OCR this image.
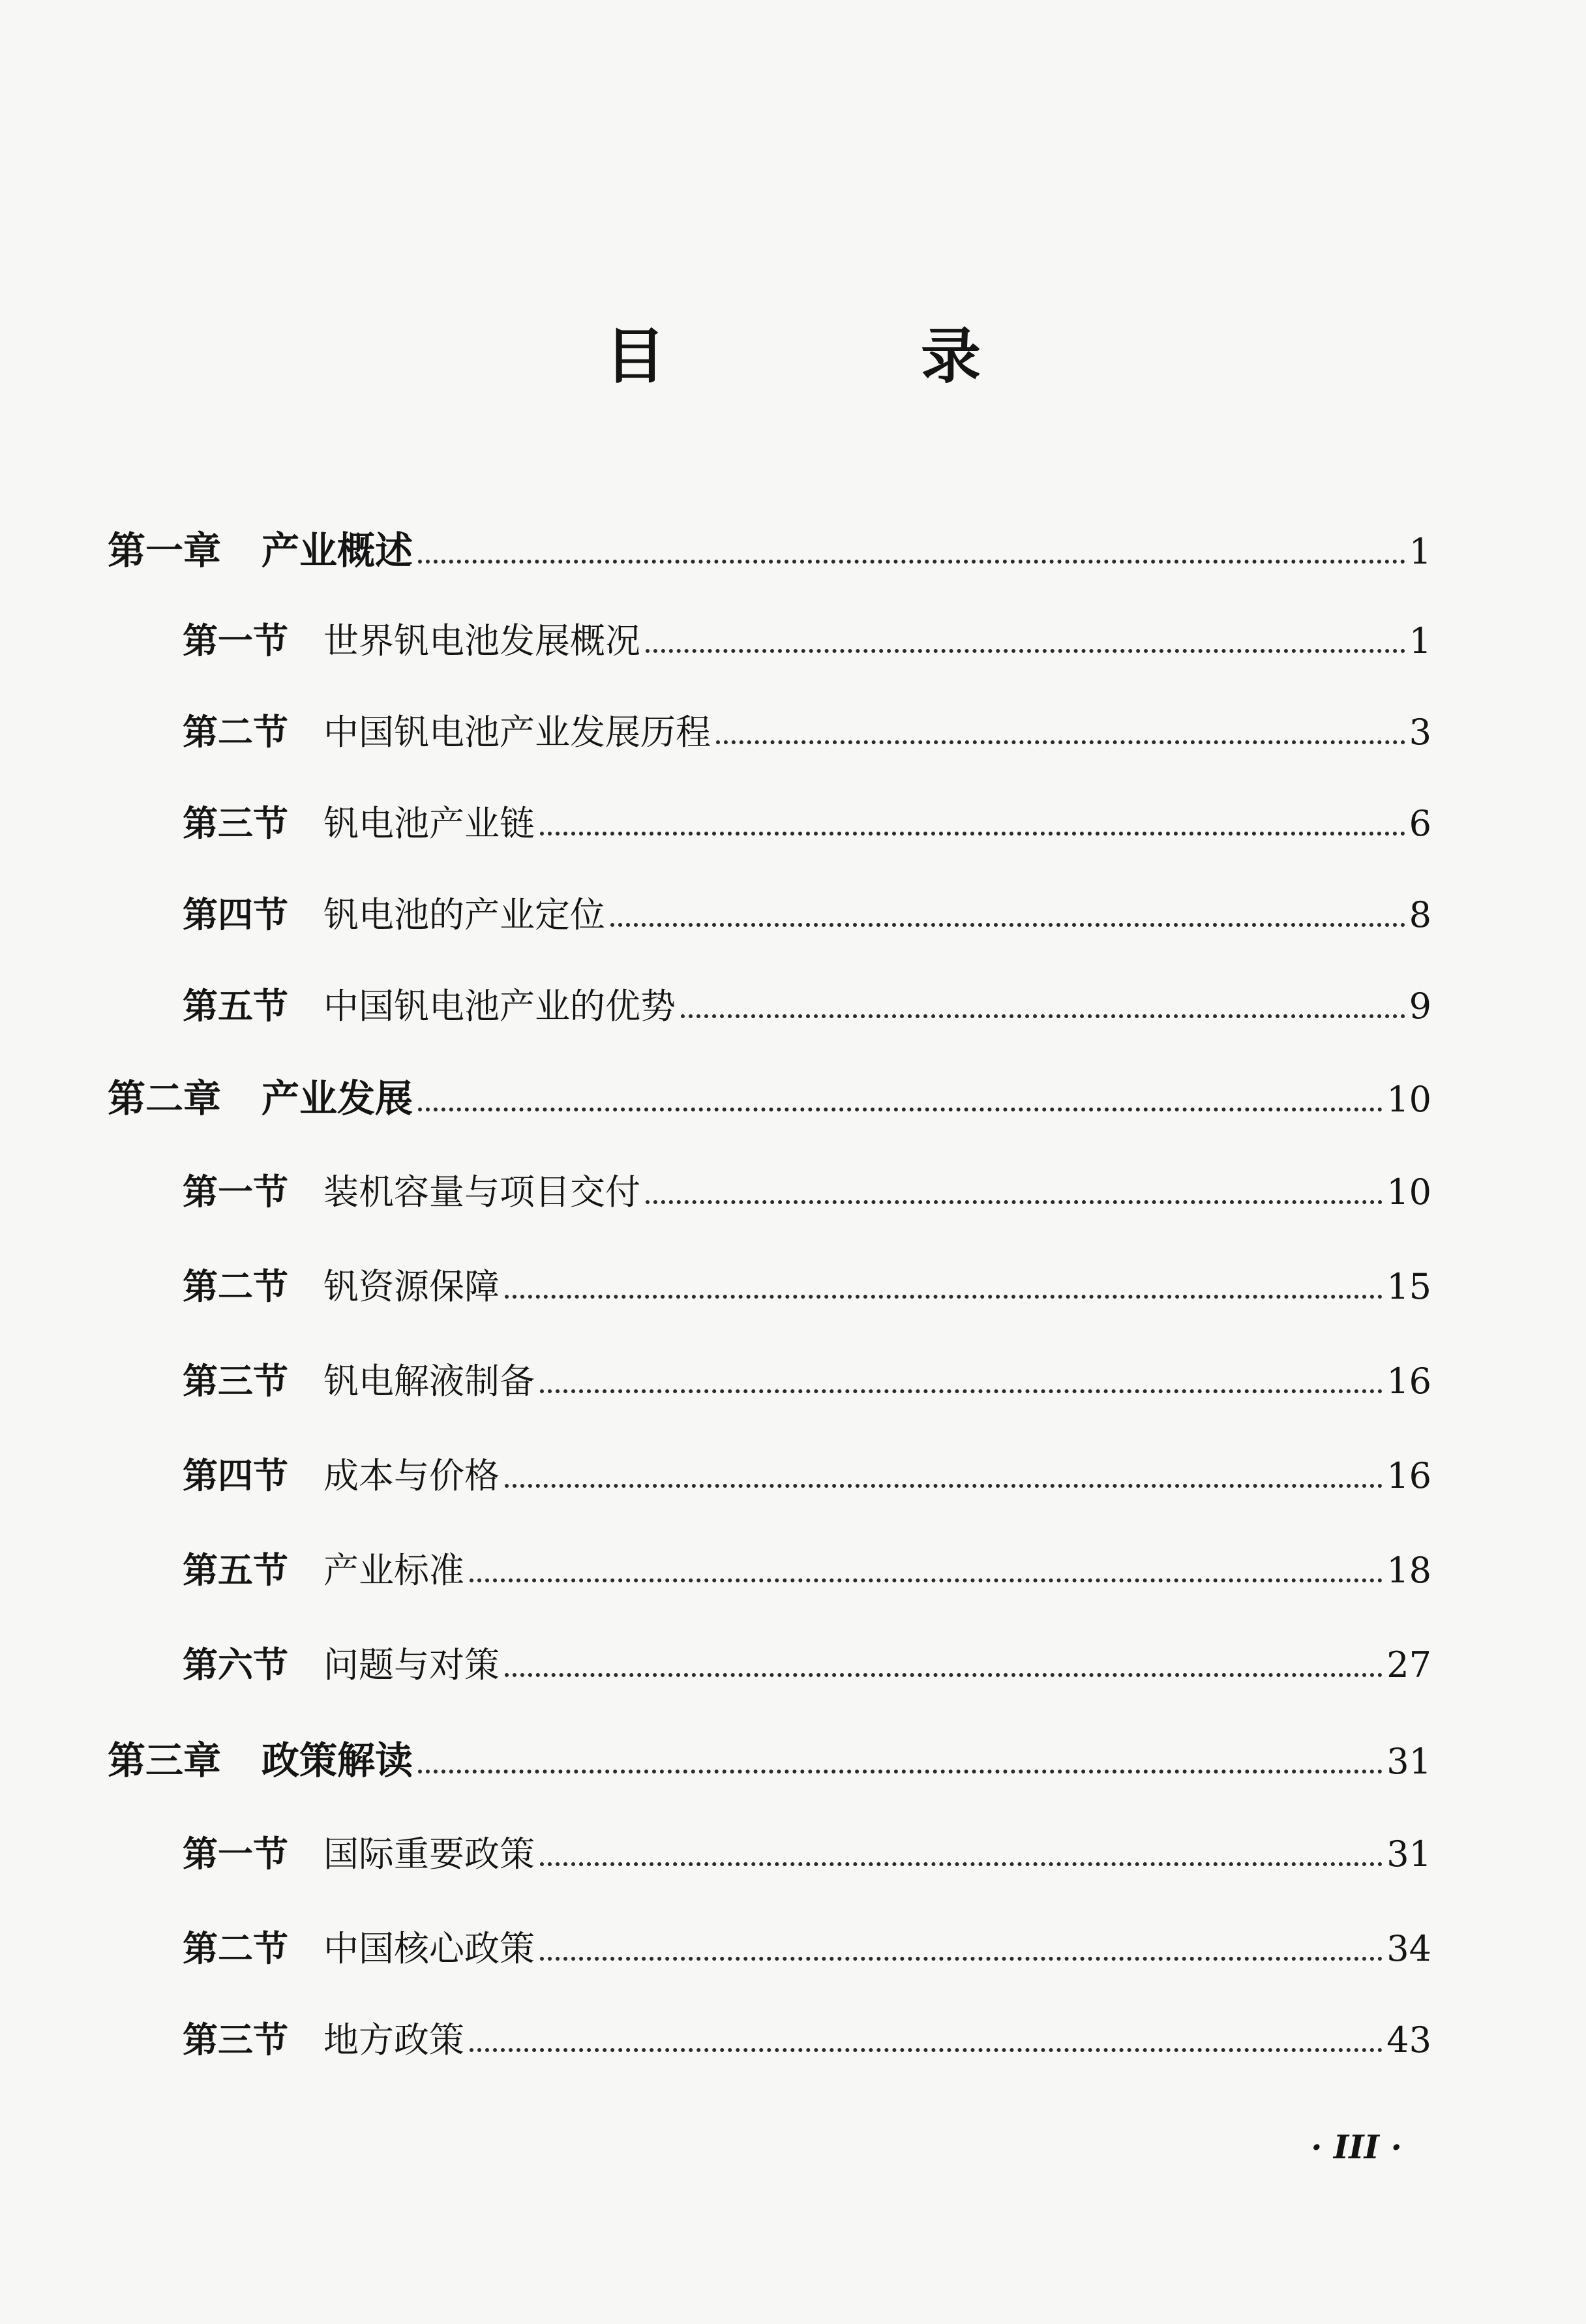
目 录
第一章 产业概述	1
第一节 世界钒电池发展概况	1
第二节 中国钒电池产业发展历程	3
第三节 钒电池产业链	6
第四节 钒电池的产业定位	8
第五节 中国钒电池产业的优势	9
第二章 产业发展	10
第一节 装机容量与项目交付	10
第二节 钒资源保障	15
第三节 钒电解液制备	16
第四节 成本与价格	16
第五节 产业标准	18
第六节 问题与对策	27
第三章 政策解读	31
第一节 国际重要政策	31
第二节 中国核心政策	34
第三节 地方政策	43
· III ·
